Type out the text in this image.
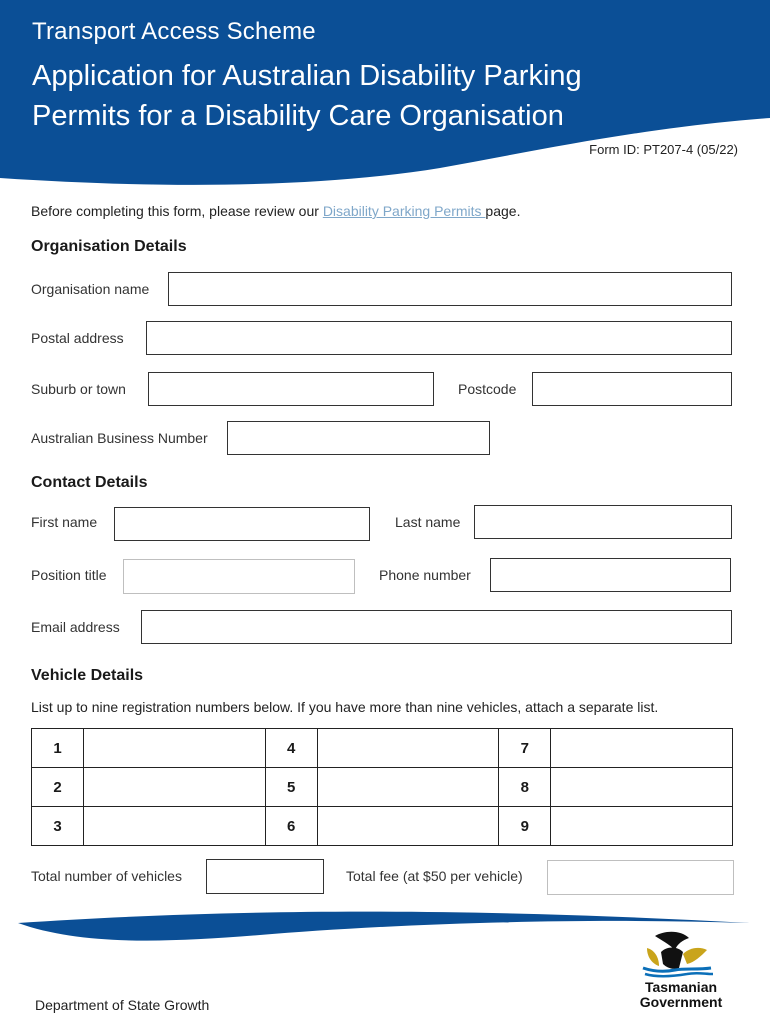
Transport Access Scheme
Application for Australian Disability Parking Permits for a Disability Care Organisation
Form ID: PT207-4 (05/22)
Before completing this form, please review our Disability Parking Permits page.
Organisation Details
Organisation name
Postal address
Suburb or town	Postcode
Australian Business Number
Contact Details
First name	Last name
Position title	Phone number
Email address
Vehicle Details
List up to nine registration numbers below. If you have more than nine vehicles, attach a separate list.
1		4		7	
2		5		8	
3		6		9	
Total number of vehicles	Total fee (at $50 per vehicle)
Department of State Growth
Tasmanian
Government
